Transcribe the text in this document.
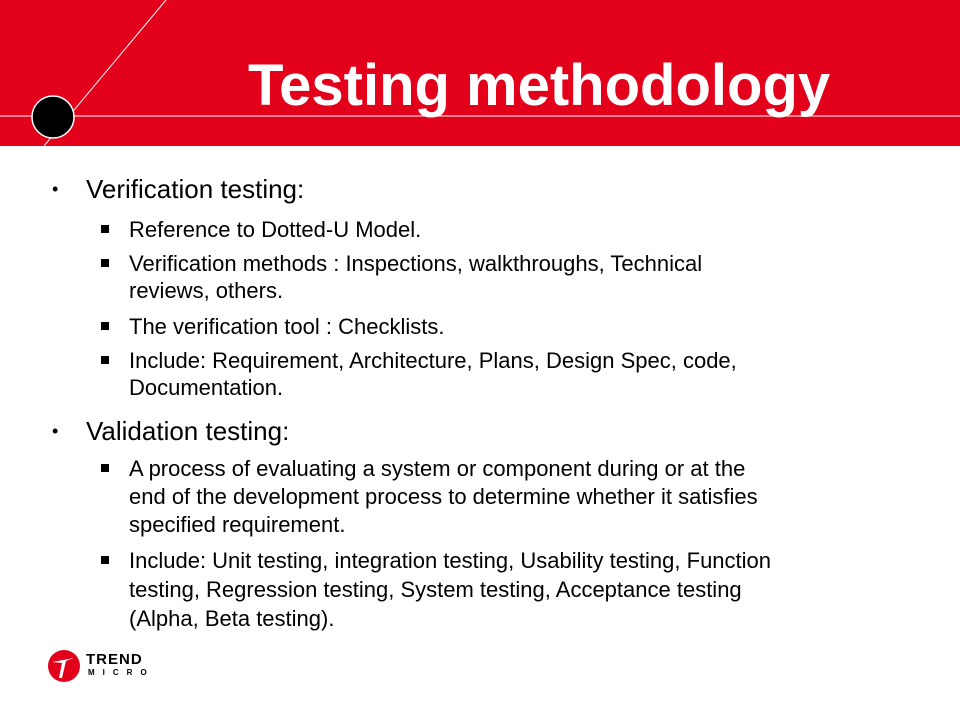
Testing methodology
• Verification testing:
Reference to Dotted-U Model.
Verification methods : Inspections, walkthroughs, Technical
reviews, others.
The verification tool : Checklists.
Include: Requirement, Architecture, Plans, Design Spec, code,
Documentation.
• Validation testing:
A process of evaluating a system or component during or at the
end of the development process to determine whether it satisfies
specified requirement.
Include: Unit testing, integration testing, Usability testing, Function
testing, Regression testing, System testing, Acceptance testing
(Alpha, Beta testing).
TREND
MICRO
